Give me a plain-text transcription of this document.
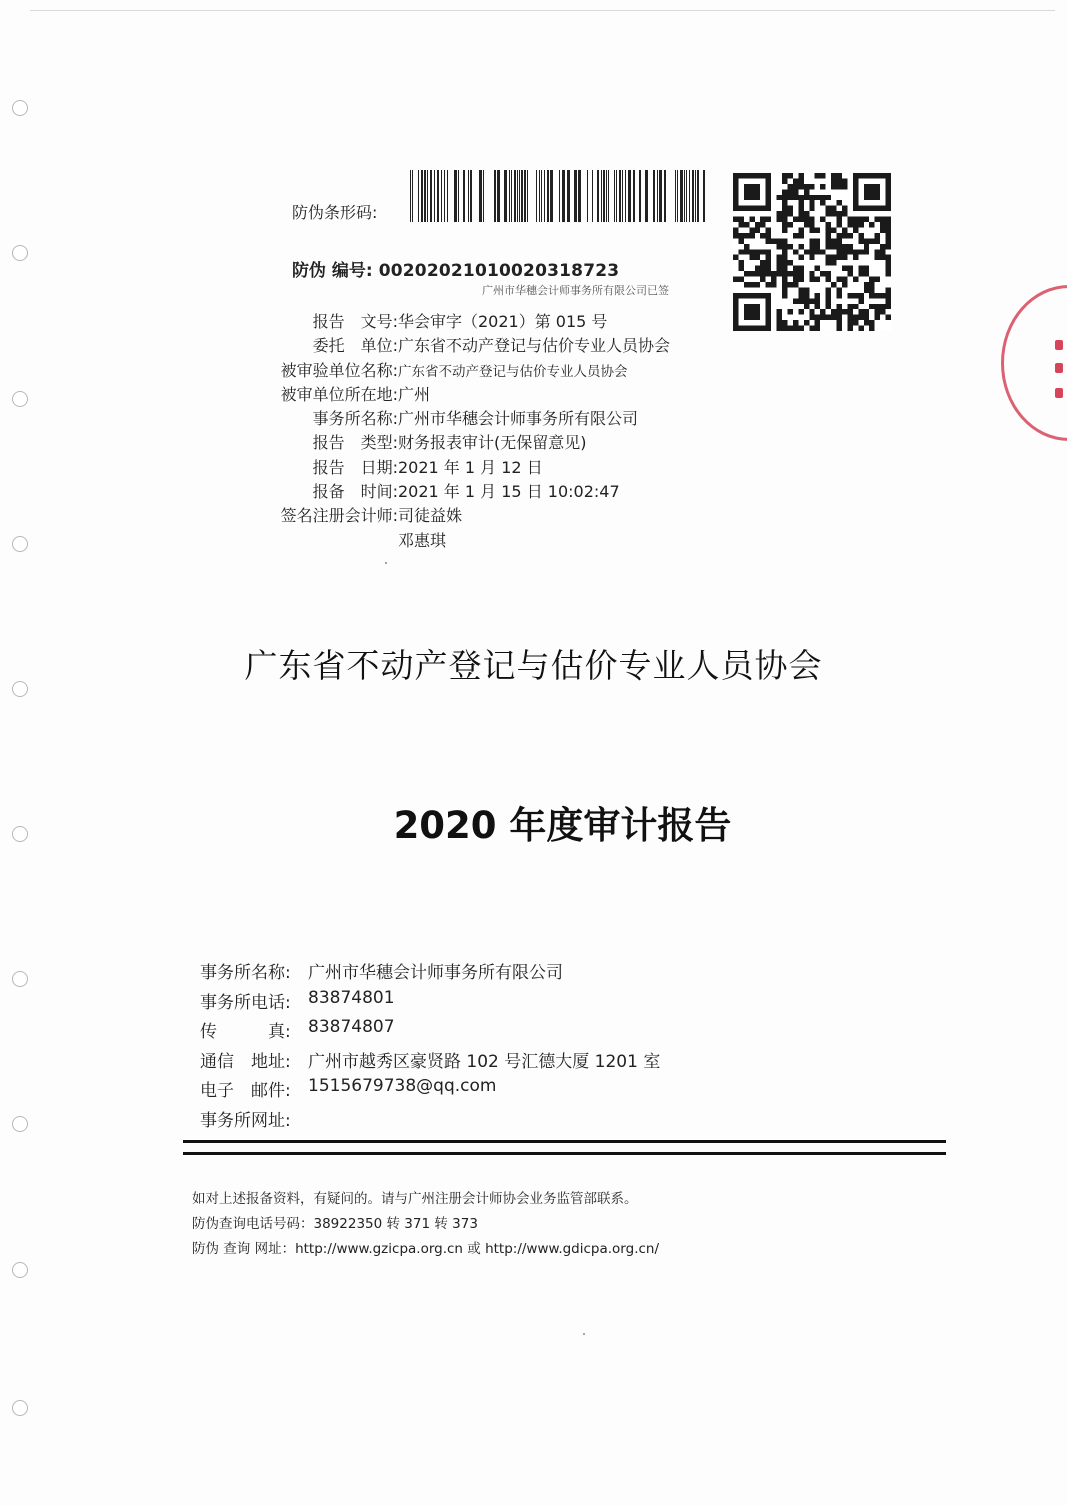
防伪条形码:
防伪 编号: 00202021010020318723
广州市华穗会计师事务所有限公司已签
报告　文号: 华会审字（2021）第 015 号
委托　单位: 广东省不动产登记与估价专业人员协会
被审验单位名称: 广东省不动产登记与估价专业人员协会
被审单位所在地: 广州
事务所名称: 广州市华穗会计师事务所有限公司
报告　类型: 财务报表审计(无保留意见)
报告　日期: 2021 年 1 月 12 日
报备　时间: 2021 年 1 月 15 日 10:02:47
签名注册会计师: 司徒益姝
邓惠琪
广东省不动产登记与估价专业人员协会
2020 年度审计报告
事务所名称:	广州市华穗会计师事务所有限公司
事务所电话:	83874801
传　　　真:	83874807
通信　地址:	广州市越秀区豪贤路 102 号汇德大厦 1201 室
电子　邮件:	1515679738@qq.com
事务所网址:
如对上述报备资料，有疑问的。请与广州注册会计师协会业务监管部联系。
防伪查询电话号码：38922350 转 371 转 373
防伪 查询 网址：http://www.gzicpa.org.cn 或 http://www.gdicpa.org.cn/
